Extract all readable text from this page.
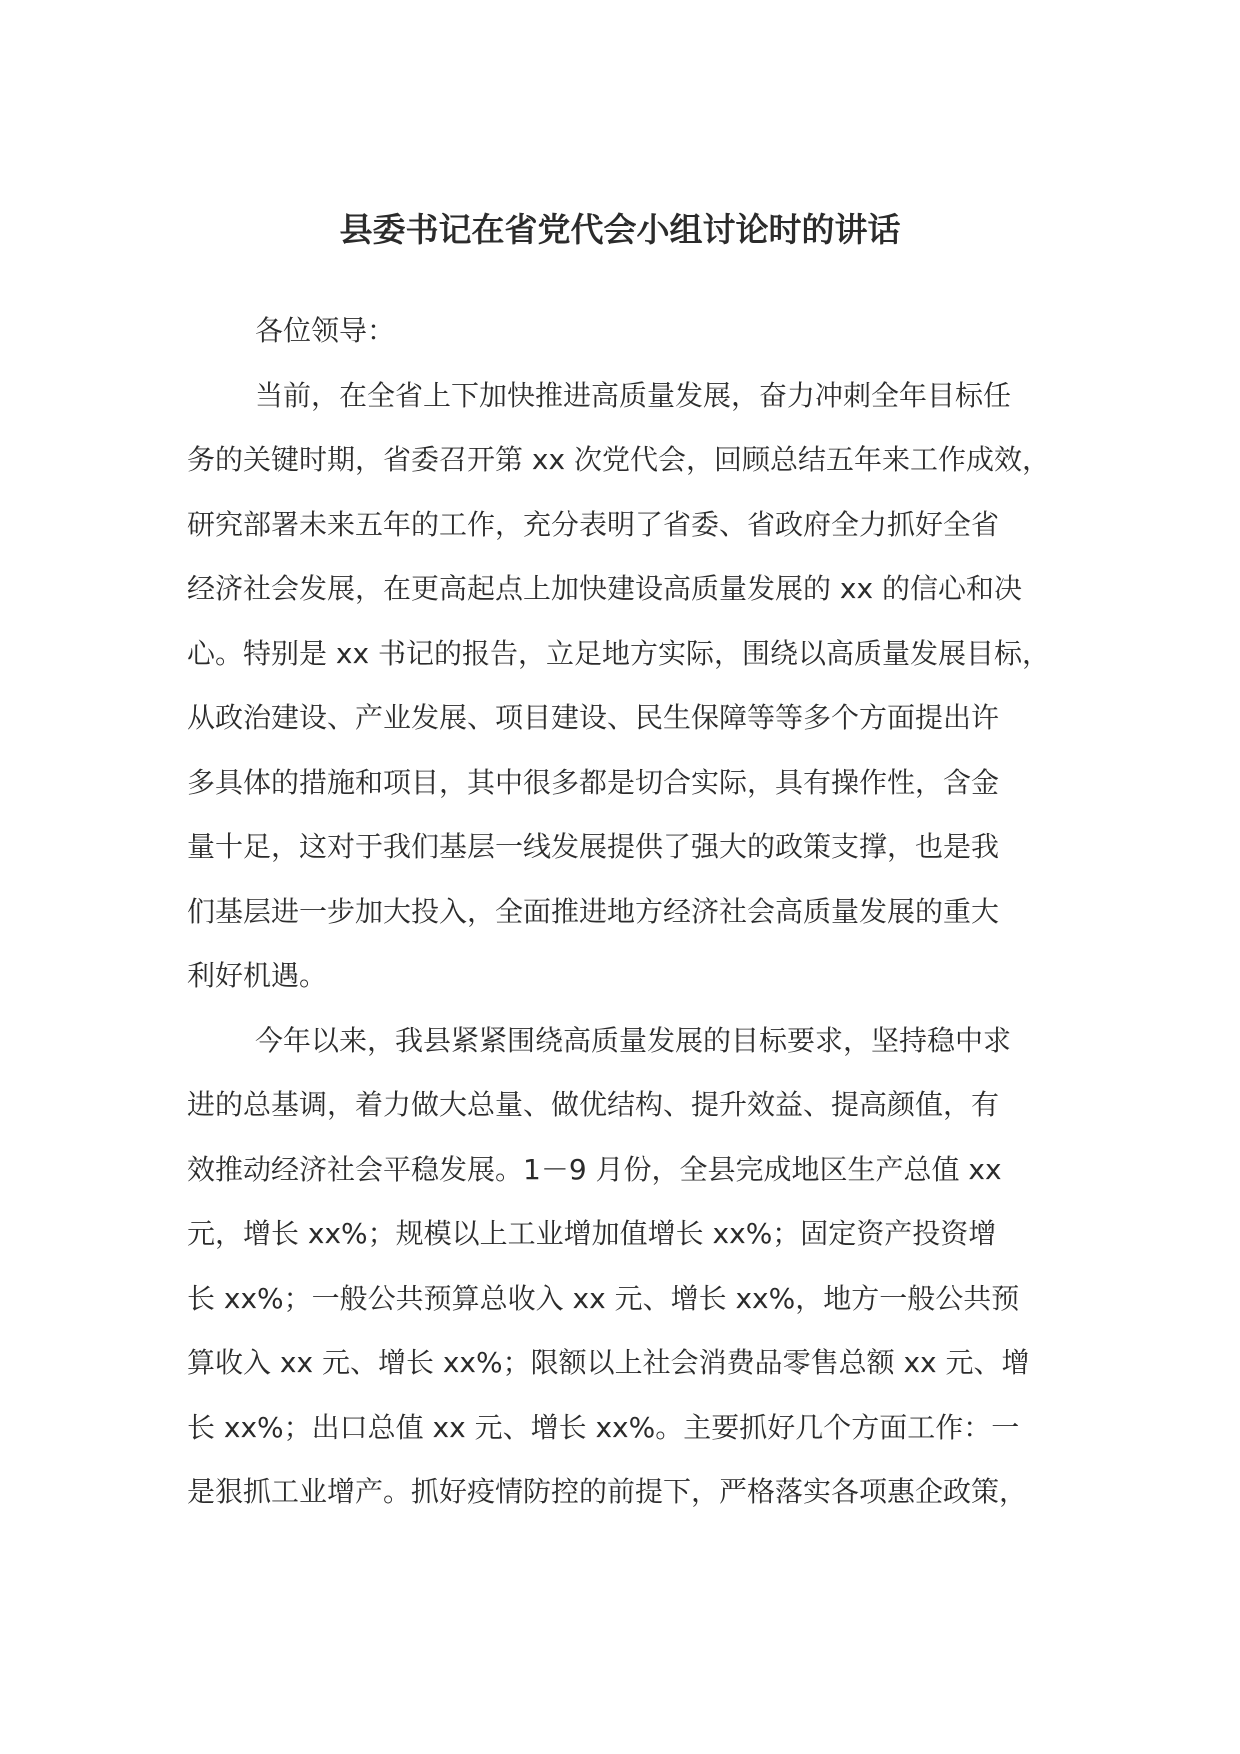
县委书记在省党代会小组讨论时的讲话

各位领导：

当前，在全省上下加快推进高质量发展，奋力冲刺全年目标任
务的关键时期，省委召开第 xx 次党代会，回顾总结五年来工作成效，
研究部署未来五年的工作，充分表明了省委、省政府全力抓好全省
经济社会发展，在更高起点上加快建设高质量发展的 xx 的信心和决
心。特别是 xx 书记的报告，立足地方实际，围绕以高质量发展目标，
从政治建设、产业发展、项目建设、民生保障等等多个方面提出许
多具体的措施和项目，其中很多都是切合实际，具有操作性，含金
量十足，这对于我们基层一线发展提供了强大的政策支撑，也是我
们基层进一步加大投入，全面推进地方经济社会高质量发展的重大
利好机遇。

今年以来，我县紧紧围绕高质量发展的目标要求，坚持稳中求
进的总基调，着力做大总量、做优结构、提升效益、提高颜值，有
效推动经济社会平稳发展。1－9 月份，全县完成地区生产总值 xx
元，增长 xx%；规模以上工业增加值增长 xx%；固定资产投资增
长 xx%；一般公共预算总收入 xx 元、增长 xx%，地方一般公共预
算收入 xx 元、增长 xx%；限额以上社会消费品零售总额 xx 元、增
长 xx%；出口总值 xx 元、增长 xx%。主要抓好几个方面工作：一
是狠抓工业增产。抓好疫情防控的前提下，严格落实各项惠企政策，
